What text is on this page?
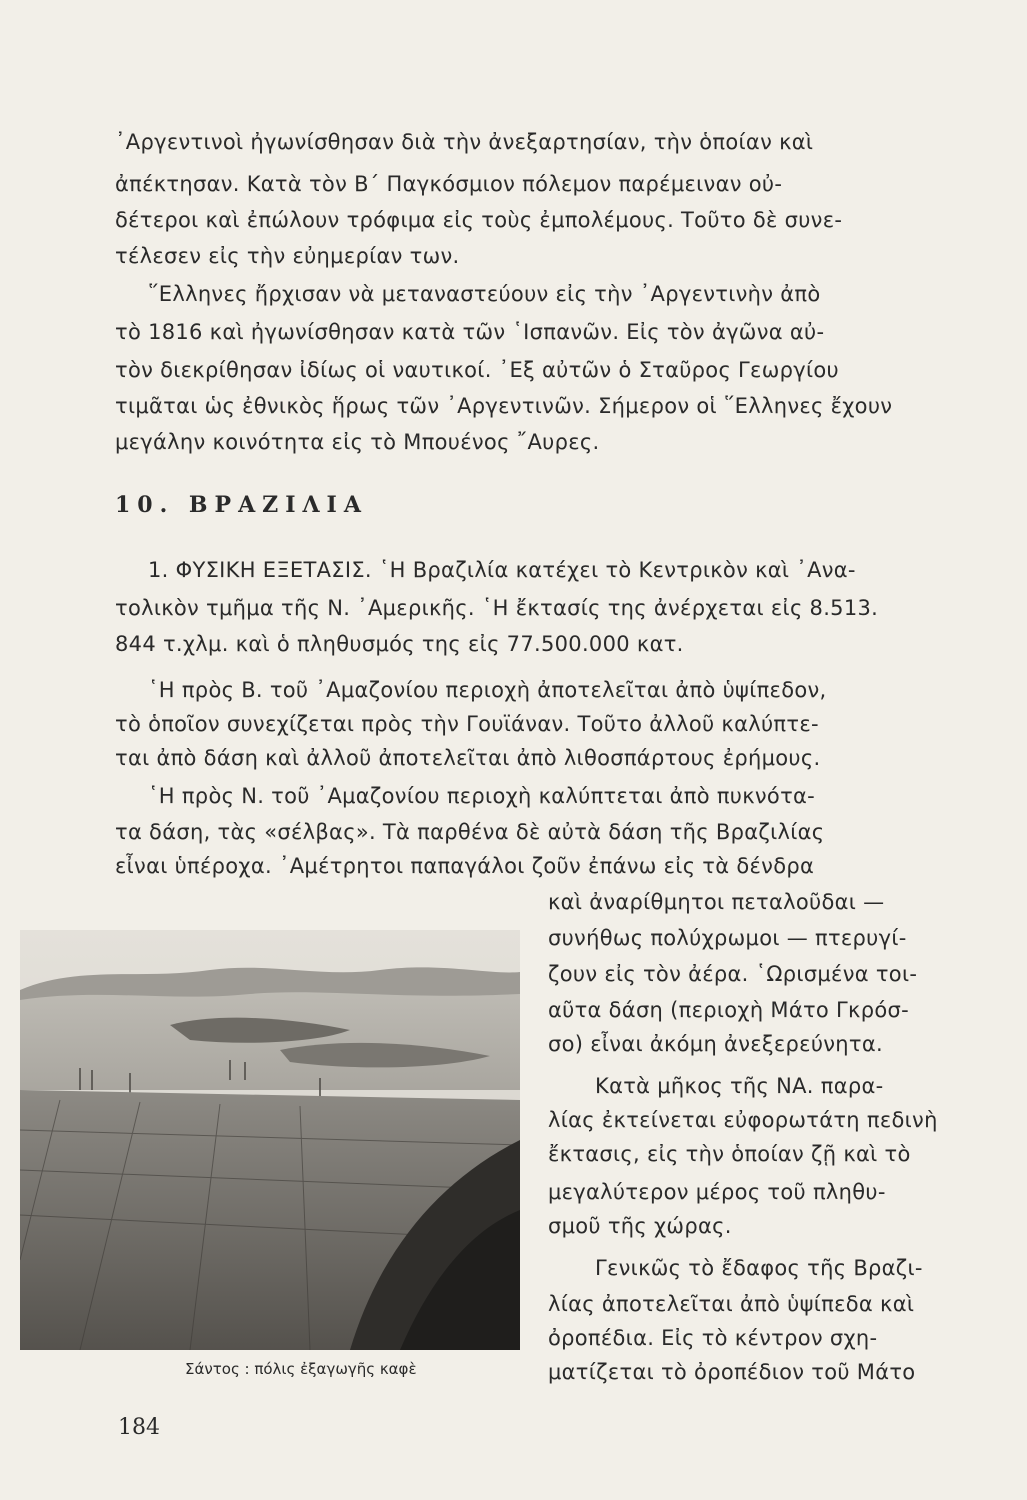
᾿Αργεντινοὶ ἠγωνίσθησαν διὰ τὴν ἀνεξαρτησίαν, τὴν ὁποίαν καὶ
ἀπέκτησαν. Κατὰ τὸν Β΄ Παγκόσμιον πόλεμον παρέμειναν οὐ-
δέτεροι καὶ ἐπώλουν τρόφιμα εἰς τοὺς ἐμπολέμους. Τοῦτο δὲ συνε-
τέλεσεν εἰς τὴν εὐημερίαν των.
῞Ελληνες ἤρχισαν νὰ μεταναστεύουν εἰς τὴν ᾿Αργεντινὴν ἀπὸ
τὸ 1816 καὶ ἠγωνίσθησαν κατὰ τῶν ῾Ισπανῶν. Εἰς τὸν ἀγῶνα αὐ-
τὸν διεκρίθησαν ἰδίως οἱ ναυτικοί. ᾿Εξ αὐτῶν ὁ Σταῦρος Γεωργίου
τιμᾶται ὡς ἐθνικὸς ἥρως τῶν ᾿Αργεντινῶν. Σήμερον οἱ ῞Ελληνες ἔχουν
μεγάλην κοινότητα εἰς τὸ Μπουένος ῎Αυρες.
10. ΒΡΑΖΙΛΙΑ
1. ΦΥΣΙΚΗ ΕΞΕΤΑΣΙΣ. ῾Η Βραζιλία κατέχει τὸ Κεντρικὸν καὶ ᾿Ανα-
τολικὸν τμῆμα τῆς Ν. ᾿Αμερικῆς. ῾Η ἔκτασίς της ἀνέρχεται εἰς 8.513.
844 τ.χλμ. καὶ ὁ πληθυσμός της εἰς 77.500.000 κατ.
῾Η πρὸς Β. τοῦ ᾿Αμαζονίου περιοχὴ ἀποτελεῖται ἀπὸ ὑψίπεδον,
τὸ ὁποῖον συνεχίζεται πρὸς τὴν Γουϊάναν. Τοῦτο ἀλλοῦ καλύπτε-
ται ἀπὸ δάση καὶ ἀλλοῦ ἀποτελεῖται ἀπὸ λιθοσπάρτους ἐρήμους.
῾Η πρὸς Ν. τοῦ ᾿Αμαζονίου περιοχὴ καλύπτεται ἀπὸ πυκνότα-
τα δάση, τὰς «σέλβας». Τὰ παρθένα δὲ αὐτὰ δάση τῆς Βραζιλίας
εἶναι ὑπέροχα. ᾿Αμέτρητοι παπαγάλοι ζοῦν ἐπάνω εἰς τὰ δένδρα
καὶ ἀναρίθμητοι πεταλοῦδαι —
συνήθως πολύχρωμοι — πτερυγί-
ζουν εἰς τὸν ἀέρα. ῾Ωρισμένα τοι-
αῦτα δάση (περιοχὴ Μάτο Γκρόσ-
σο) εἶναι ἀκόμη ἀνεξερεύνητα.
Κατὰ μῆκος τῆς ΝΑ. παρα-
λίας ἐκτείνεται εὐφορωτάτη πεδινὴ
ἔκτασις, εἰς τὴν ὁποίαν ζῇ καὶ τὸ
μεγαλύτερον μέρος τοῦ πληθυ-
σμοῦ τῆς χώρας.
Γενικῶς τὸ ἔδαφος τῆς Βραζι-
λίας ἀποτελεῖται ἀπὸ ὑψίπεδα καὶ
ὀροπέδια. Εἰς τὸ κέντρον σχη-
ματίζεται τὸ ὀροπέδιον τοῦ Μάτο
Σάντος : πόλις ἐξαγωγῆς καφὲ
184
